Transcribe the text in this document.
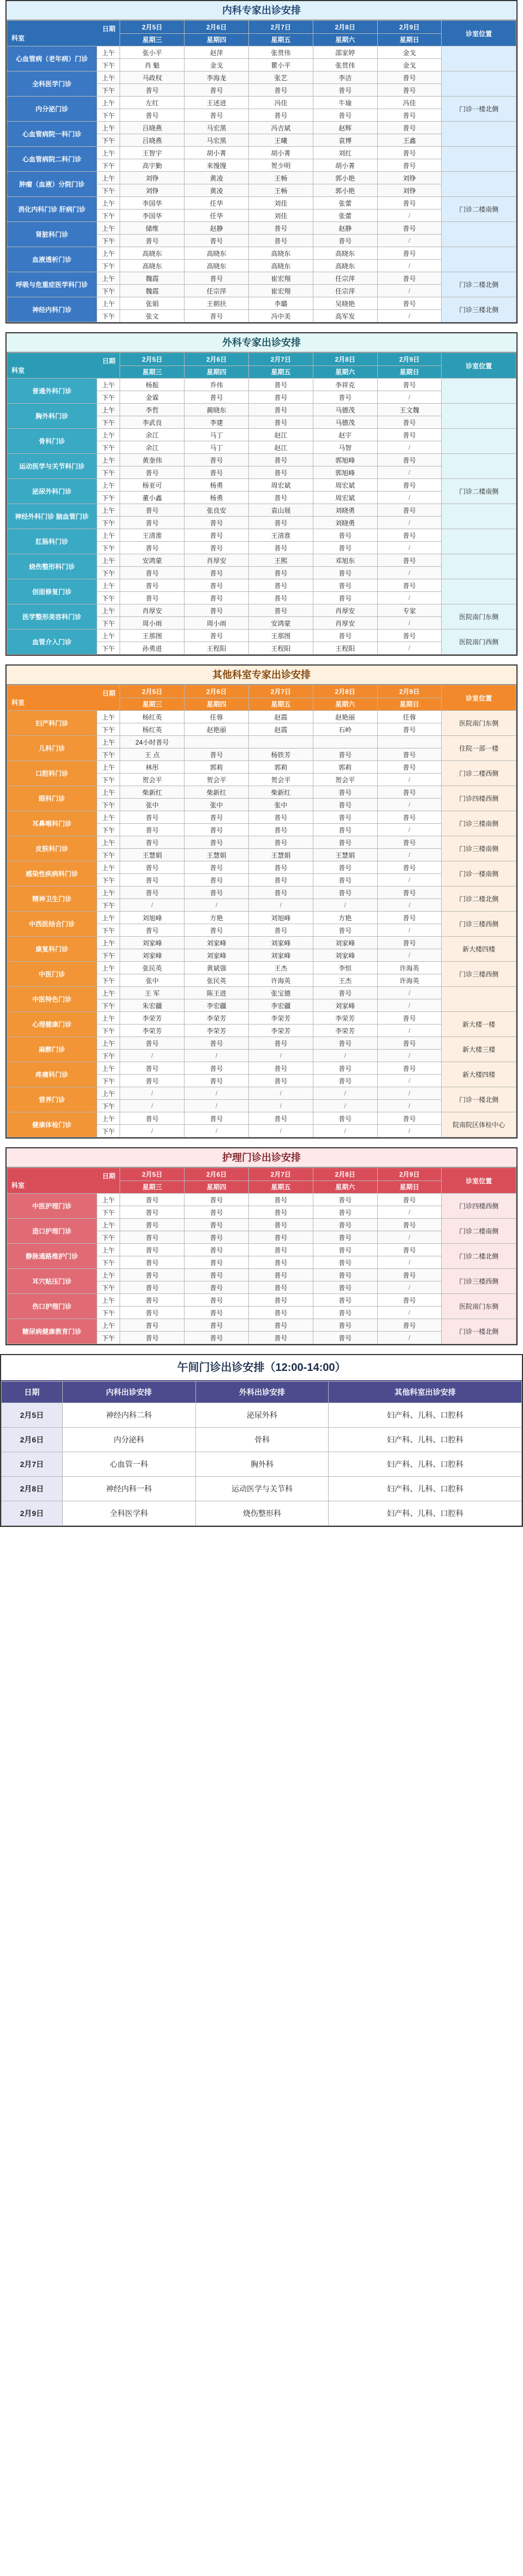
内科专家出诊安排
日期
科室		2月5日	2月6日	2月7日	2月8日	2月9日	诊室位置
		星期三	星期四	星期五	星期六	星期日	
心血管病（老年病）门诊	上午	张小平	赵萍	张贯伟	邵家婷	金戈	
	下午	肖 魁	金戈	瞿小平	张贯伟	金戈	
全科医学门诊	上午	马政权	李海龙	张艺	李洁	普号	
	下午	普号	普号	普号	普号	普号	
内分泌门诊	上午	左红	王述进	冯佳	牛瑜	冯佳	门诊一楼北侧
	下午	普号	普号	普号	普号	普号	
心血管病院一科门诊	上午	吕晓燕	马宏黑	冯吉斌	赵辉	普号	
	下午	吕晓燕	马宏黑	王曦	袁博	王鑫	
心血管病院二科门诊	上午	王智宇	胡小菁	胡小菁	刘红	普号	
	下午	高宇勤	来馒馒	贺少明	胡小菁	普号	
肿瘤（血液）分院门诊	上午	刘铮	黄凌	王畅	郭小艳	刘铮	
	下午	刘铮	黄凌	王畅	郭小艳	刘铮	
消化内科门诊 肝病门诊	上午	李国华	任华	刘佳	张蕾	普号	门诊二楼南侧
	下午	李国华	任华	刘佳	张蕾	/	
肾脏科门诊	上午	储维	赵静	普号	赵静	普号	
	下午	普号	普号	普号	普号	/	
血液透析门诊	上午	高晓东	高晓东	高晓东	高晓东	普号	
	下午	高晓东	高晓东	高晓东	高晓东	/	
呼吸与危重症医学科门诊	上午	魏霞	普号	崔宏翔	任宗萍	普号	门诊二楼北侧
	下午	魏霞	任宗萍	崔宏翔	任宗萍	/	
神经内科门诊	上午	张娟	王朝扶	李璐	吴晓艳	普号	门诊三楼北侧
	下午	张文	普号	冯中美	高军发	/	
外科专家出诊安排
日期
科室		2月5日	2月6日	2月7日	2月8日	2月9日	诊室位置
		星期三	星期四	星期五	星期六	星期日	
普通外科门诊	上午	杨振	乔伟	普号	李祥克	普号	
	下午	金霖	普号	普号	普号	/	
胸外科门诊	上午	李哲	蔺晓东	普号	马德茂	王文魏	
	下午	李武良	李建	普号	马德茂	普号	
骨科门诊	上午	余江	马丁	赵江	赵宇	普号	
	下午	余江	马丁	赵江	马智	/	
运动医学与关节科门诊	上午	黄奎伟	普号	普号	郭旭峰	普号	
	下午	普号	普号	普号	郭旭峰	/	
泌尿外科门诊	上午	杨亚可	杨勇	周宏斌	周宏斌	普号	门诊二楼南侧
	下午	董小鑫	杨勇	普号	周宏斌	/	
神经外科门诊 脑血管门诊	上午	普号	张良安	袁山展	刘晓勇	普号	
	下午	普号	普号	普号	刘晓勇	/	
肛肠科门诊	上午	王清淮	普号	王清淮	普号	普号	
	下午	普号	普号	普号	普号	/	
烧伤整形科门诊	上午	安鸿蒙	肖厚安	王熙	邓旭东	普号	
	下午	普号	普号	普号	普号	/	
创面修复门诊	上午	普号	普号	普号	普号	普号	
	下午	普号	普号	普号	普号	/	
医学整形美容科门诊	上午	肖厚安	普号	普号	肖厚安	专家	医院南门东侧
	下午	周小雨	周小雨	安鸿蒙	肖厚安	/	
血管介入门诊	上午	王那图	普号	王那图	普号	普号	医院南门西侧
	下午	孙勇进	王程阳	王程阳	王程阳	/	
其他科室专家出诊安排
日期
科室		2月5日	2月6日	2月7日	2月8日	2月9日	诊室位置
		星期三	星期四	星期五	星期六	星期日	
妇产科门诊	上午	杨红英	任蓉	赵霞	赵艳丽	任蓉	医院南门东侧
	下午	杨红英	赵艳丽	赵霞	石岭	普号	
儿科门诊	上午	24小时普号					住院一部一楼
	下午	王 点	普号	杨铁芳	普号	普号	
口腔科门诊	上午	林彤	郭莉	郭莉	郭莉	普号	门诊二楼西侧
	下午	贺会平	贺会平	贺会平	贺会平	/	
眼科门诊	上午	柴新红	柴新红	柴新红	普号	普号	门诊四楼西侧
	下午	张中	张中	张中	普号	/	
耳鼻喉科门诊	上午	普号	普号	普号	普号	普号	门诊三楼南侧
	下午	普号	普号	普号	普号	/	
皮肤科门诊	上午	普号	普号	普号	普号	普号	门诊三楼南侧
	下午	王慧娟	王慧娟	王慧娟	王慧娟	/	
感染性疾病科门诊	上午	普号	普号	普号	普号	普号	门诊一楼南侧
	下午	普号	普号	普号	普号	/	
精神卫生门诊	上午	普号	普号	普号	普号	普号	门诊二楼北侧
	下午	/	/	/	/	/	
中西医结合门诊	上午	刘旭峰	方艳	刘旭峰	方艳	普号	门诊三楼西侧
	下午	普号	普号	普号	普号	/	
康复科门诊	上午	刘家峰	刘家峰	刘家峰	刘家峰	普号	新大楼四楼
	下午	刘家峰	刘家峰	刘家峰	刘家峰	/	
中医门诊	上午	张民英	黄斌强	王杰	李恒	许海英	门诊三楼西侧
	下午	张中	张民英	许海英	王杰	许海英	
中医特色门诊	上午	王 军	陈王进	张宝德	普号	/	
	下午	朱宏疆	李宏疆	李宏疆	刘家峰	/	
心理健康门诊	上午	李荣芳	李荣芳	李荣芳	李荣芳	普号	新大楼一楼
	下午	李荣芳	李荣芳	李荣芳	李荣芳	/	
麻醉门诊	上午	普号	普号	普号	普号	普号	新大楼三楼
	下午	/	/	/	/	/	
疼痛科门诊	上午	普号	普号	普号	普号	普号	新大楼四楼
	下午	普号	普号	普号	普号	/	
营养门诊	上午	/	/	/	/	/	门诊一楼北侧
	下午	/	/	/	/	/	
健康体检门诊	上午	普号	普号	普号	普号	普号	院南院区体检中心
	下午	/	/	/	/	/	
护理门诊出诊安排
日期
科室		2月5日	2月6日	2月7日	2月8日	2月9日	诊室位置
		星期三	星期四	星期五	星期六	星期日	
中医护理门诊	上午	普号	普号	普号	普号	普号	门诊四楼西侧
	下午	普号	普号	普号	普号	/	
造口护理门诊	上午	普号	普号	普号	普号	普号	门诊二楼南侧
	下午	普号	普号	普号	普号	/	
静脉通路维护门诊	上午	普号	普号	普号	普号	普号	门诊二楼北侧
	下午	普号	普号	普号	普号	/	
耳穴贴压门诊	上午	普号	普号	普号	普号	普号	门诊三楼西侧
	下午	普号	普号	普号	普号	/	
伤口护理门诊	上午	普号	普号	普号	普号	普号	医院南门东侧
	下午	普号	普号	普号	普号	/	
糖尿病健康教育门诊	上午	普号	普号	普号	普号	普号	门诊一楼北侧
	下午	普号	普号	普号	普号	/	
午间门诊出诊安排（12:00-14:00）
日期	内科出诊安排	外科出诊安排	其他科室出诊安排
2月5日	神经内科二科	泌尿外科	妇产科、儿科、口腔科
2月6日	内分泌科	骨科	妇产科、儿科、口腔科
2月7日	心血管一科	胸外科	妇产科、儿科、口腔科
2月8日	神经内科一科	运动医学与关节科	妇产科、儿科、口腔科
2月9日	全科医学科	烧伤整形科	妇产科、儿科、口腔科
